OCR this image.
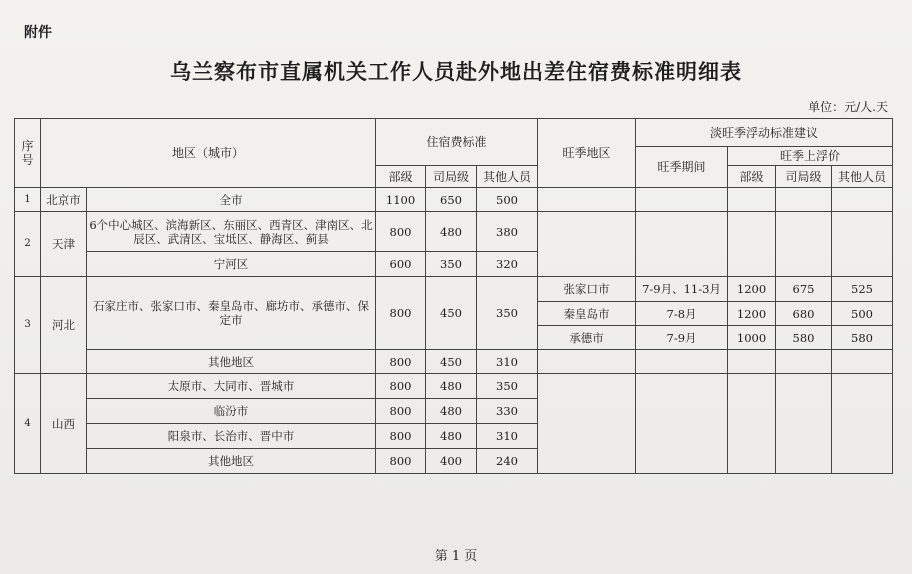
附件
乌兰察布市直属机关工作人员赴外地出差住宿费标准明细表
单位：元/人.天
序号	地区（城市）		住宿费标准			旺季地区	淡旺季浮动标准建议			
							旺季期间	旺季上浮价		
			部级	司局级	其他人员			部级	司局级	其他人员
1	北京市	全市	1100	650	500					
2	天津	6个中心城区、滨海新区、东丽区、西青区、津南区、北辰区、武清区、宝坻区、静海区、蓟县	800	480	380					
		宁河区	600	350	320					
3	河北	石家庄市、张家口市、秦皇岛市、廊坊市、承德市、保定市	800	450	350	张家口市	7-9月、11-3月	1200	675	525
						秦皇岛市	7-8月	1200	680	500
						承德市	7-9月	1000	580	580
		其他地区	800	450	310					
4	山西	太原市、大同市、晋城市	800	480	350					
		临汾市	800	480	330					
		阳泉市、长治市、晋中市	800	480	310					
		其他地区	800	400	240					
第 1 页
